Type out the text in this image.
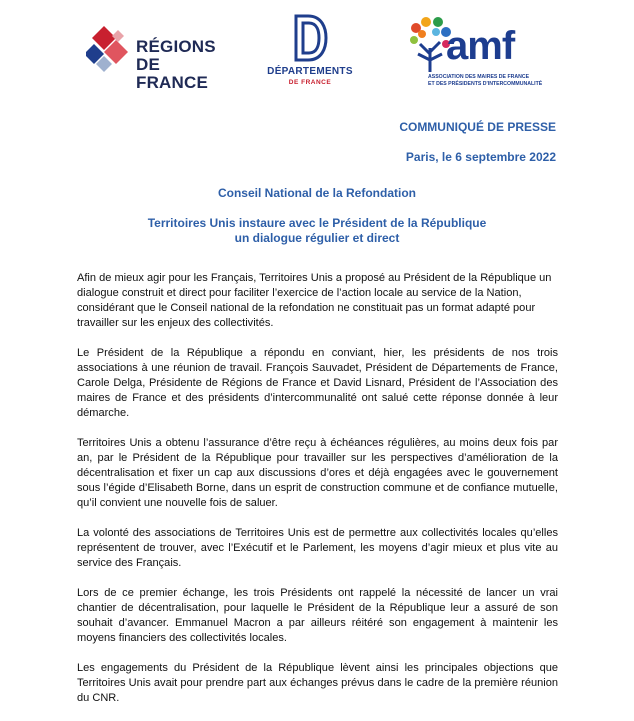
RÉGIONS
DE FRANCE
DÉPARTEMENTS
DE FRANCE
amf
ASSOCIATION DES MAIRES DE FRANCE
ET DES PRÉSIDENTS D'INTERCOMMUNALITÉ
COMMUNIQUÉ DE PRESSE
Paris, le 6 septembre 2022
Conseil National de la Refondation
Territoires Unis instaure avec le Président de la République
un dialogue régulier et direct

Afin de mieux agir pour les Français, Territoires Unis a proposé au Président de la République un dialogue construit et direct pour faciliter l’exercice de l’action locale au service de la Nation, considérant que le Conseil national de la refondation ne constituait pas un format adapté pour travailler sur les enjeux des collectivités.

Le Président de la République a répondu en conviant, hier, les présidents de nos trois associations à une réunion de travail. François Sauvadet, Président de Départements de France, Carole Delga, Présidente de Régions de France et David Lisnard, Président de l’Association des maires de France et des présidents d’intercommunalité ont salué cette réponse donnée à leur démarche.

Territoires Unis a obtenu l’assurance d’être reçu à échéances régulières, au moins deux fois par an, par le Président de la République pour travailler sur les perspectives d’amélioration de la décentralisation et fixer un cap aux discussions d’ores et déjà engagées avec le gouvernement sous l’égide d’Elisabeth Borne, dans un esprit de construction commune et de confiance mutuelle, qu’il convient une nouvelle fois de saluer.

La volonté des associations de Territoires Unis est de permettre aux collectivités locales qu’elles représentent de trouver, avec l’Exécutif et le Parlement, les moyens d’agir mieux et plus vite au service des Français.

Lors de ce premier échange, les trois Présidents ont rappelé la nécessité de lancer un vrai chantier de décentralisation, pour laquelle le Président de la République leur a assuré de son souhait d’avancer. Emmanuel Macron a par ailleurs réitéré son engagement à maintenir les moyens financiers des collectivités locales.

Les engagements du Président de la République lèvent ainsi les principales objections que Territoires Unis avait pour prendre part aux échanges prévus dans le cadre de la première réunion du CNR.
